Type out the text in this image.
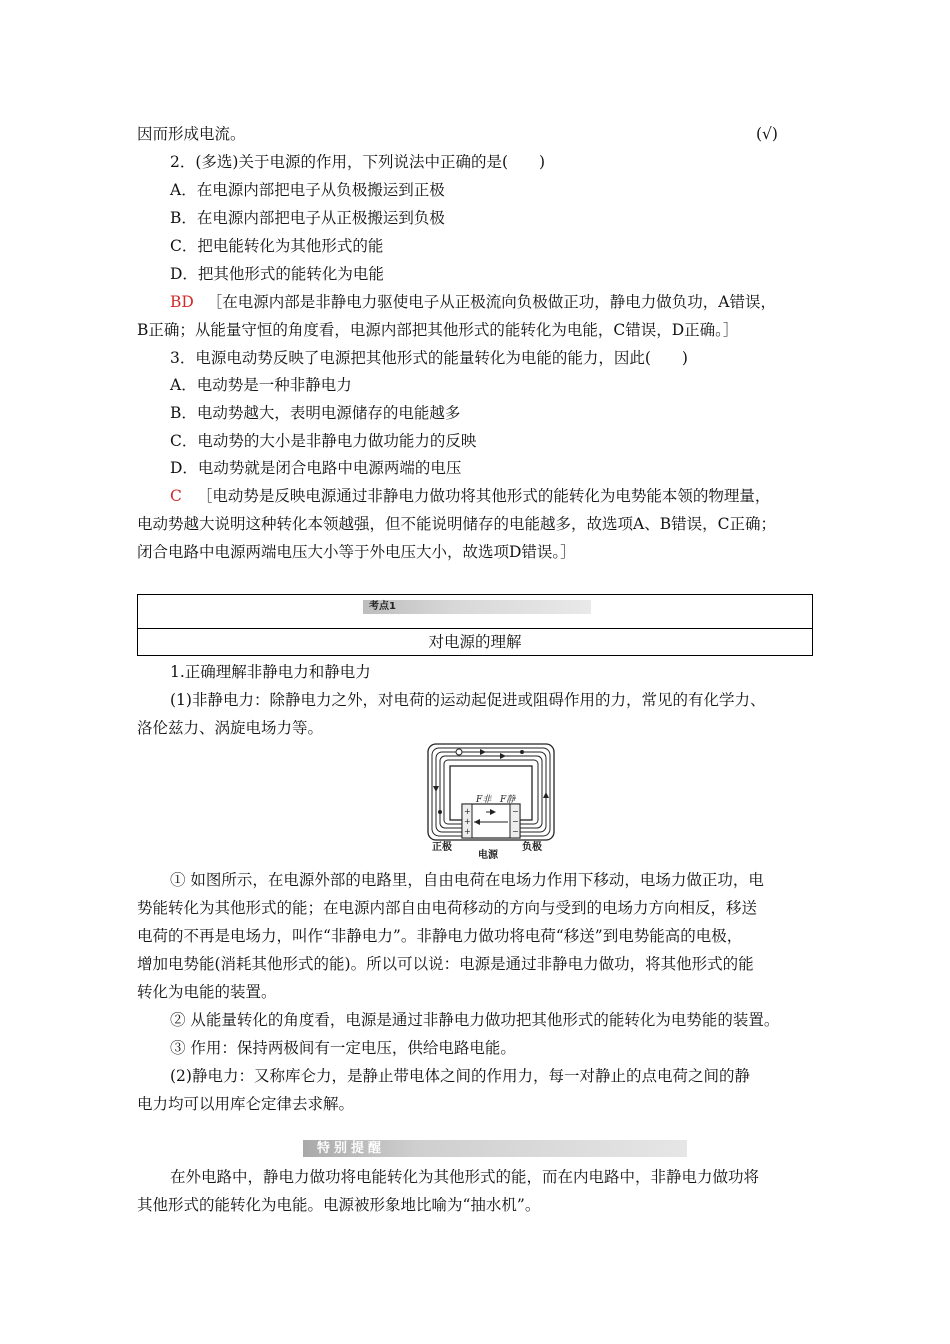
因而形成电流。	(√)
2．(多选)关于电源的作用，下列说法中正确的是(　　)
A．在电源内部把电子从负极搬运到正极
B．在电源内部把电子从正极搬运到负极
C．把电能转化为其他形式的能
D．把其他形式的能转化为电能
BD ［在电源内部是非静电力驱使电子从正极流向负极做正功，静电力做负功，A错误，
B正确；从能量守恒的角度看，电源内部把其他形式的能转化为电能，C错误，D正确。］
3．电源电动势反映了电源把其他形式的能量转化为电能的能力，因此(　　)
A．电动势是一种非静电力
B．电动势越大，表明电源储存的电能越多
C．电动势的大小是非静电力做功能力的反映
D．电动势就是闭合电路中电源两端的电压
C ［电动势是反映电源通过非静电力做功将其他形式的能转化为电势能本领的物理量，
电动势越大说明这种转化本领越强，但不能说明储存的电能越多，故选项A、B错误，C正确；
闭合电路中电源两端电压大小等于外电压大小，故选项D错误。］
考点1
对电源的理解
1.正确理解非静电力和静电力
(1)非静电力：除静电力之外，对电荷的运动起促进或阻碍作用的力，常见的有化学力、
洛伦兹力、涡旋电场力等。
+
+
+
−
−
−
F非 F静
正极	负极
电源
① 如图所示，在电源外部的电路里，自由电荷在电场力作用下移动，电场力做正功，电
势能转化为其他形式的能；在电源内部自由电荷移动的方向与受到的电场力方向相反，移送
电荷的不再是电场力，叫作“非静电力”。非静电力做功将电荷“移送”到电势能高的电极，
增加电势能(消耗其他形式的能)。所以可以说：电源是通过非静电力做功，将其他形式的能
转化为电能的装置。
② 从能量转化的角度看，电源是通过非静电力做功把其他形式的能转化为电势能的装置。
③ 作用：保持两极间有一定电压，供给电路电能。
(2)静电力：又称库仑力，是静止带电体之间的作用力，每一对静止的点电荷之间的静
电力均可以用库仑定律去求解。
特别提醒
在外电路中，静电力做功将电能转化为其他形式的能，而在内电路中，非静电力做功将
其他形式的能转化为电能。电源被形象地比喻为“抽水机”。
